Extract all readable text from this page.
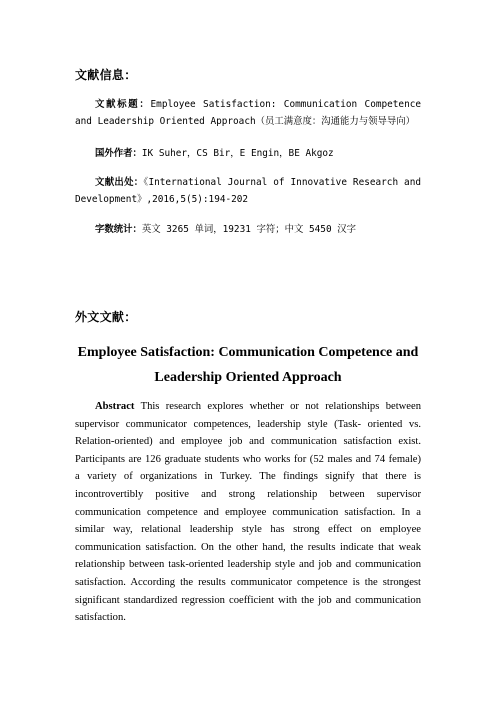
文献信息：

文献标题：Employee Satisfaction: Communication Competence and Leadership Oriented Approach（员工满意度：沟通能力与领导导向）

国外作者：IK Suher，CS Bir，E Engin，BE Akgoz

文献出处：《International Journal of Innovative Research and Development》,2016,5(5):194-202

字数统计：英文 3265 单词，19231 字符；中文 5450 汉字

外文文献：
Employee Satisfaction: Communication Competence and
Leadership Oriented Approach

Abstract This research explores whether or not relationships between supervisor communicator competences, leadership style (Task- oriented vs. Relation-oriented) and employee job and communication satisfaction exist. Participants are 126 graduate students who works for (52 males and 74 female) a variety of organizations in Turkey. The findings signify that there is incontrovertibly positive and strong relationship between supervisor communication competence and employee communication satisfaction. In a similar way, relational leadership style has strong effect on employee communication satisfaction. On the other hand, the results indicate that weak relationship between task-oriented leadership style and job and communication satisfaction. According the results communicator competence is the strongest significant standardized regression coefficient with the job and communication satisfaction.
